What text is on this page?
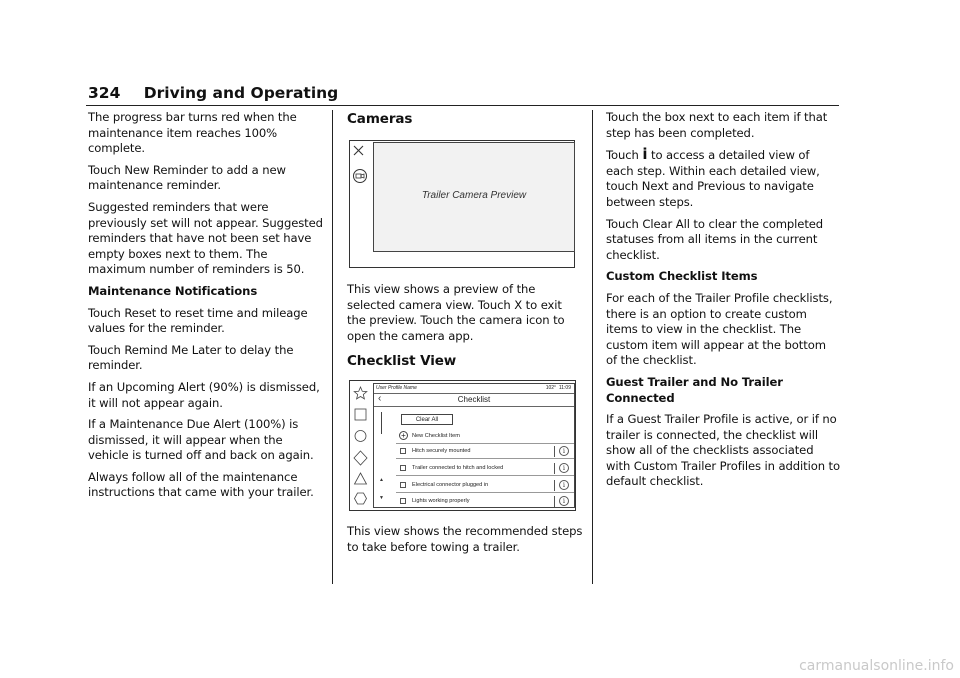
324 Driving and Operating

The progress bar turns red when the maintenance item reaches 100% complete.

Touch New Reminder to add a new maintenance reminder.

Suggested reminders that were previously set will not appear. Suggested reminders that have not been set have empty boxes next to them. The maximum number of reminders is 50.

Maintenance Notifications

Touch Reset to reset time and mileage values for the reminder.

Touch Remind Me Later to delay the reminder.

If an Upcoming Alert (90%) is dismissed, it will not appear again.

If a Maintenance Due Alert (100%) is dismissed, it will appear when the vehicle is turned off and back on again.

Always follow all of the maintenance instructions that came with your trailer.

Cameras
Trailer Camera Preview

This view shows a preview of the selected camera view. Touch X to exit the preview. Touch the camera icon to open the camera app.

Checklist View
User Profile Name	102° 11:09
‹	Checklist
▲
▼
Clear All
+	New Checklist Item
Hitch securely mounted	i
Trailer connected to hitch and locked	i
Electrical connector plugged in	i
Lights working properly	i

This view shows the recommended steps to take before towing a trailer.

Touch the box next to each item if that step has been completed.

Touch i to access a detailed view of each step. Within each detailed view, touch Next and Previous to navigate between steps.

Touch Clear All to clear the completed statuses from all items in the current checklist.

Custom Checklist Items

For each of the Trailer Profile checklists, there is an option to create custom items to view in the checklist. The custom item will appear at the bottom of the checklist.

Guest Trailer and No Trailer Connected

If a Guest Trailer Profile is active, or if no trailer is connected, the checklist will show all of the checklists associated with Custom Trailer Profiles in addition to default checklist.

carmanualsonline.info
